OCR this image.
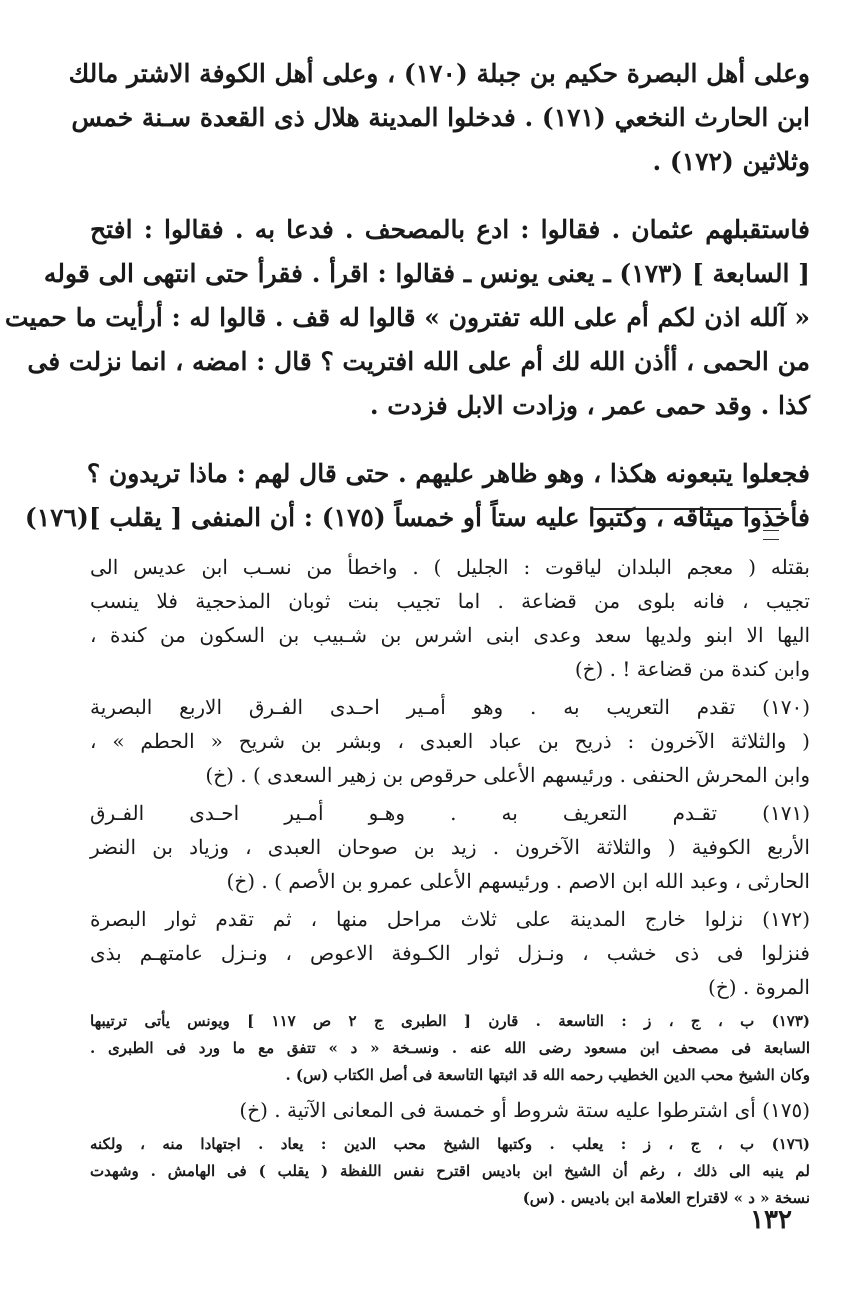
وعلى أهل البصرة حكيم بن جبلة (١٧٠) ، وعلى أهل الكوفة الاشتر مالك
ابن الحارث النخعي (١٧١) . فدخلوا المدينة هلال ذى القعدة سـنة خمس
وثلاثين (١٧٢) .
فاستقبلهم عثمان . فقالوا : ادع بالمصحف . فدعا به . فقالوا : افتح
[ السابعة ] (١٧٣) ـ يعنى يونس ـ فقالوا : اقرأ . فقرأ حتى انتهى الى قوله
« آلله اذن لكم أم على الله تفترون » قالوا له قف . قالوا له : أرأيت ما حميت
من الحمى ، أأذن الله لك أم على الله افتريت ؟ قال : امضه ، انما نزلت فى
كذا . وقد حمى عمر ، وزادت الابل فزدت .
فجعلوا يتبعونه هكذا ، وهو ظاهر عليهم . حتى قال لهم : ماذا تريدون ؟
فأخذوا ميثاقه ، وكتبوا عليه ستاً أو خمساً (١٧٥) : أن المنفى [ يقلب ](١٧٦)
بقتله ( معجم البلدان لياقوت : الجليل ) . واخطأ من نسـب ابن عديس الى
تجيب ، فانه بلوى من قضاعة . اما تجيب بنت ثوبان المذحجية فلا ينسب
اليها الا ابنو ولديها سعد وعدى ابنى اشرس بن شـبيب بن السكون من كندة ،
وابن كندة من قضاعة ! . (خ)
(١٧٠) تقدم التعريب به . وهو أمـير احـدى الفـرق الاربع البصرية
( والثلاثة الآخرون : ذريح بن عباد العبدى ، وبشر بن شريح « الحطم » ،
وابن المحرش الحنفى . ورئيسهم الأعلى حرقوص بن زهير السعدى ) . (خ)
(١٧١) تقـدم التعريف به . وهـو أمـير احـدى الفـرق
الأربع الكوفية ( والثلاثة الآخرون . زيد بن صوحان العبدى ، وزياد بن النضر
الحارثى ، وعبد الله ابن الاصم . ورئيسهم الأعلى عمرو بن الأصم ) . (خ)
(١٧٢) نزلوا خارج المدينة على ثلاث مراحل منها ، ثم تقدم ثوار البصرة
فنزلوا فى ذى خشب ، ونـزل ثوار الكـوفة الاعوص ، ونـزل عامتهـم بذى
المروة . (خ)
(١٧٣) ب ، ج ، ز : التاسعة . قارن [ الطبرى ج ٢ ص ١١٧ ] ويونس يأتى ترتيبها
السابعة فى مصحف ابن مسعود رضى الله عنه . ونسـخة « د » تتفق مع ما ورد فى الطبرى .
وكان الشيخ محب الدين الخطيب رحمه الله قد اثبتها التاسعة فى أصل الكتاب (س) .
(١٧٥) أى اشترطوا عليه ستة شروط أو خمسة فى المعانى الآتية . (خ)
(١٧٦) ب ، ج ، ز : يعلب . وكتبها الشيخ محب الدين : يعاد . اجتهادا منه ، ولكنه
لم ينبه الى ذلك ، رغم أن الشيخ ابن باديس اقترح نفس اللفظة ( يقلب ) فى الهامش . وشهدت
نسخة « د » لاقتراح العلامة ابن باديس . (س)
١٣٢
